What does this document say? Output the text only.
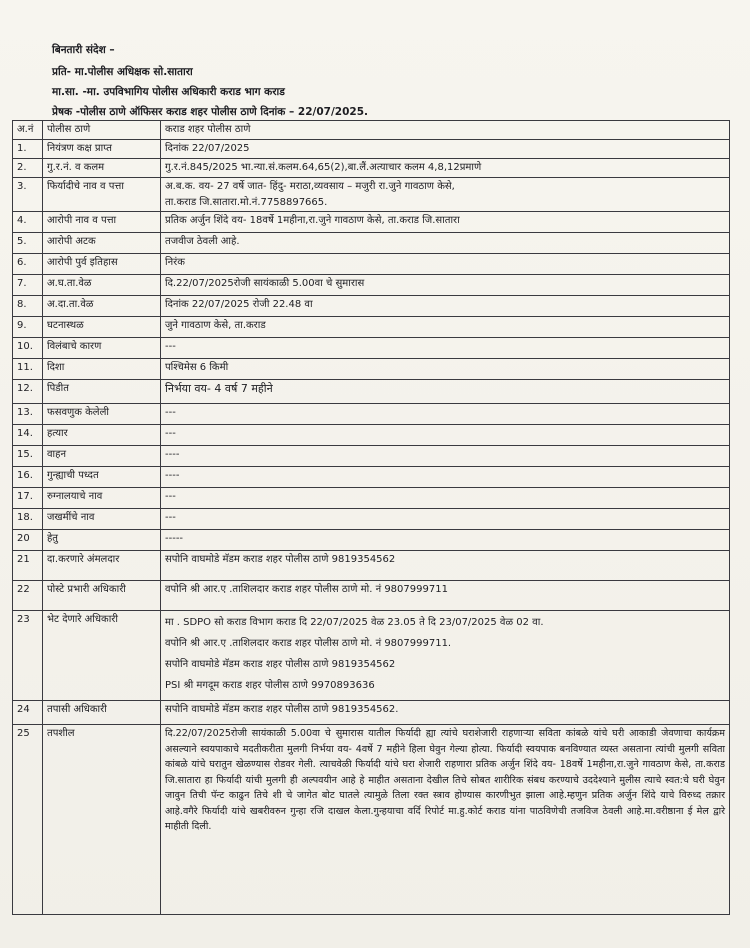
बिनतारी संदेश –
प्रति- मा.पोलीस अधिक्षक सो.सातारा
मा.सा. -मा. उपविभागिय पोलीस अधिकारी कराड भाग कराड
प्रेषक -पोलीस ठाणे ऑफिसर कराड शहर पोलीस ठाणे दिनांक – 22/07/2025.
अ.नं	पोलीस ठाणे	कराड शहर पोलीस ठाणे
1.	नियंत्रण कक्ष प्राप्त	दिनांक 22/07/2025
2.	गु.र.नं. व कलम	गु.र.नं.845/2025 भा.न्या.सं.कलम.64,65(2),बा.लैं.अत्याचार कलम 4,8,12प्रमाणे
3.	फिर्यादीचे नाव व पत्ता	अ.ब.क. वय- 27 वर्षे जात- हिंदु- मराठा,व्यवसाय – मजुरी रा.जुने गावठाण केसे,
ता.कराड जि.सातारा.मो.नं.7758897665.

4.	आरोपी नाव व पत्ता	प्रतिक अर्जुन शिंदे वय- 18वर्षे 1महीना,रा.जुने गावठाण केसे, ता.कराड जि.सातारा
5.	आरोपी अटक	तजवीज ठेवली आहे.
6.	आरोपी पुर्व इतिहास	निरंक
7.	अ.घ.ता.वेळ	दि.22/07/2025रोजी सायंकाळी 5.00वा चे सुमारास
8.	अ.दा.ता.वेळ	दिनांक 22/07/2025 रोजी 22.48 वा
9.	घटनास्थळ	जुने गावठाण केसे, ता.कराड
10.	विलंबाचे कारण	---
11.	दिशा	पश्चिमेस 6 किमी
12.	पिडीत	निर्भया वय- 4 वर्ष 7 महीने
13.	फसवणुक केलेली	---
14.	हत्यार	---
15.	वाहन	----
16.	गुन्ह्याची पध्दत	----
17.	रुग्नालयाचे नाव	---
18.	जखमींचे नाव	---
20	हेतु	-----
21	दा.करणारे अंमलदार	सपोनि वाघमोडे मॅडम कराड शहर पोलीस ठाणे 9819354562
22	पोस्टे प्रभारी अधिकारी	वपोनि श्री आर.ए .ताशिलदार कराड शहर पोलीस ठाणे मो. नं 9807999711
23	भेट देणारे अधिकारी	मा . SDPO सो कराड विभाग कराड दि 22/07/2025 वेळ 23.05 ते दि 23/07/2025 वेळ 02 वा.
वपोनि श्री आर.ए .ताशिलदार कराड शहर पोलीस ठाणे मो. नं 9807999711.
सपोनि वाघमोडे मॅडम कराड शहर पोलीस ठाणे 9819354562
PSI श्री मगदूम कराड शहर पोलीस ठाणे 9970893636

24	तपासी अधिकारी	सपोनि वाघमोडे मॅडम कराड शहर पोलीस ठाणे 9819354562.
25	तपशील	दि.22/07/2025रोजी सायंकाळी 5.00वा चे सुमारास यातील फिर्यादी ह्या त्यांचे घराशेजारी राहणाऱ्या सविता कांबळे यांचे घरी आकाडी जेवणाचा कार्यक्रम असल्याने स्वयपाकाचे मदतीकरीता मुलगी निर्भया वय- 4वर्षे 7 महीने हिला घेवुन गेल्या होत्या. फिर्यादी स्वयपाक बनविण्यात व्यस्त असताना त्यांची मुलगी सविता कांबळे यांचे घरातुन खेळण्यास रोडवर गेली. त्याचवेळी फिर्यादी यांचे घरा शेजारी राहणारा प्रतिक अर्जुन शिंदे वय- 18वर्षे 1महीना,रा.जुने गावठाण केसे, ता.कराड जि.सातारा हा फिर्यादी यांची मुलगी ही अल्पवयीन आहे हे माहीत असताना देखील तिचे सोबत शारीरिक संबध करण्याचे उददेश्याने मुलीस त्याचे स्वत:चे घरी घेवुन जावुन तिची पॅन्ट काढुन तिचे शी चे जागेत बोट घातले त्यामुळे तिला रक्त स्त्राव होण्यास कारणीभुत झाला आहे.म्हणुन प्रतिक अर्जुन शिंदे याचे विरुध्द तक्रार आहे.वगैरे फिर्यादी यांचे खबरीवरुन गुन्हा रजि दाखल केला.गुन्हयाचा वर्दि रिपोर्ट मा.हु.कोर्ट कराड यांना पाठविणेची तजविज ठेवली आहे.मा.वरीष्ठाना ई मेल द्वारे माहीती दिली.
